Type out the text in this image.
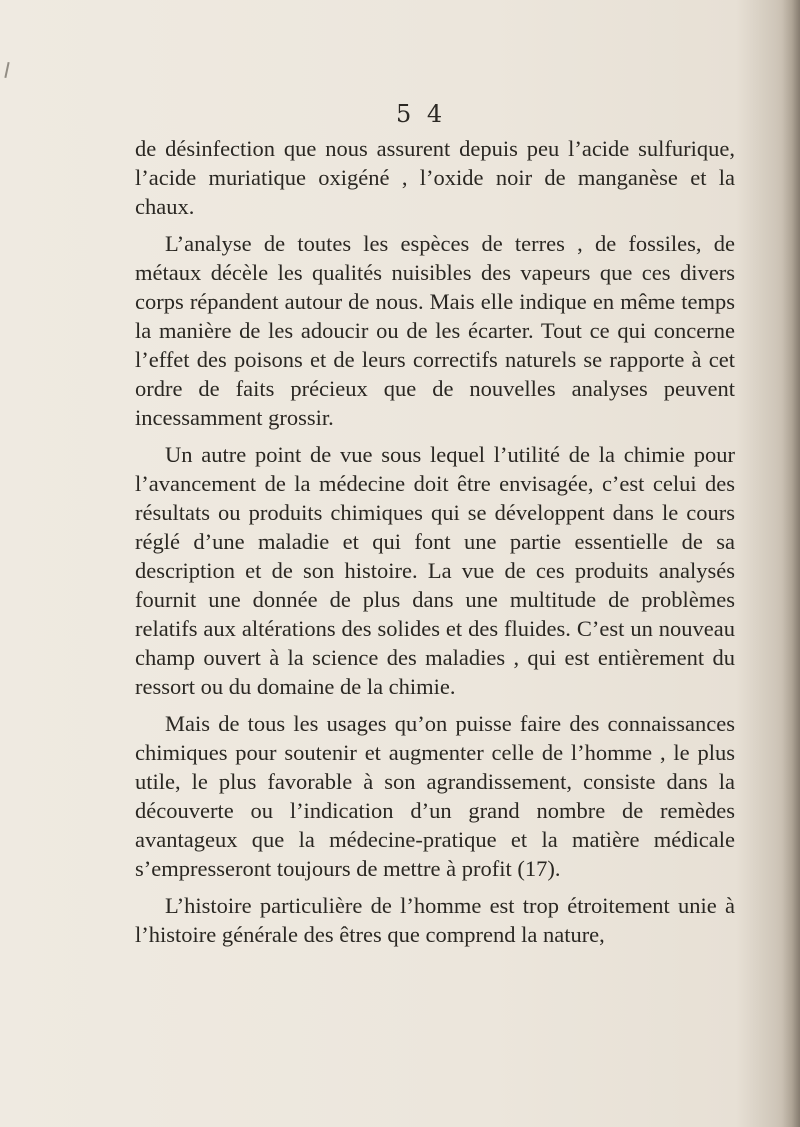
5 4

de désinfection que nous assurent depuis peu l’acide sulfurique, l’acide muriatique oxigéné , l’oxide noir de manganèse et la chaux.

L’analyse de toutes les espèces de terres , de fossiles, de métaux décèle les qualités nuisibles des vapeurs que ces divers corps répandent autour de nous. Mais elle indique en même temps la manière de les adoucir ou de les écarter. Tout ce qui concerne l’effet des poisons et de leurs correctifs naturels se rapporte à cet ordre de faits précieux que de nouvelles analyses peuvent incessamment grossir.

Un autre point de vue sous lequel l’utilité de la chimie pour l’avancement de la médecine doit être envisagée, c’est celui des résultats ou produits chimiques qui se développent dans le cours réglé d’une maladie et qui font une partie essentielle de sa description et de son histoire. La vue de ces produits analysés fournit une donnée de plus dans une multitude de problèmes relatifs aux altérations des solides et des fluides. C’est un nouveau champ ouvert à la science des maladies , qui est entièrement du ressort ou du domaine de la chimie.

Mais de tous les usages qu’on puisse faire des connaissances chimiques pour soutenir et augmenter celle de l’homme , le plus utile, le plus favorable à son agrandissement, consiste dans la découverte ou l’indication d’un grand nombre de remèdes avantageux que la médecine-pratique et la matière médicale s’empresseront toujours de mettre à profit (17).

L’histoire particulière de l’homme est trop étroitement unie à l’histoire générale des êtres que comprend la nature,
